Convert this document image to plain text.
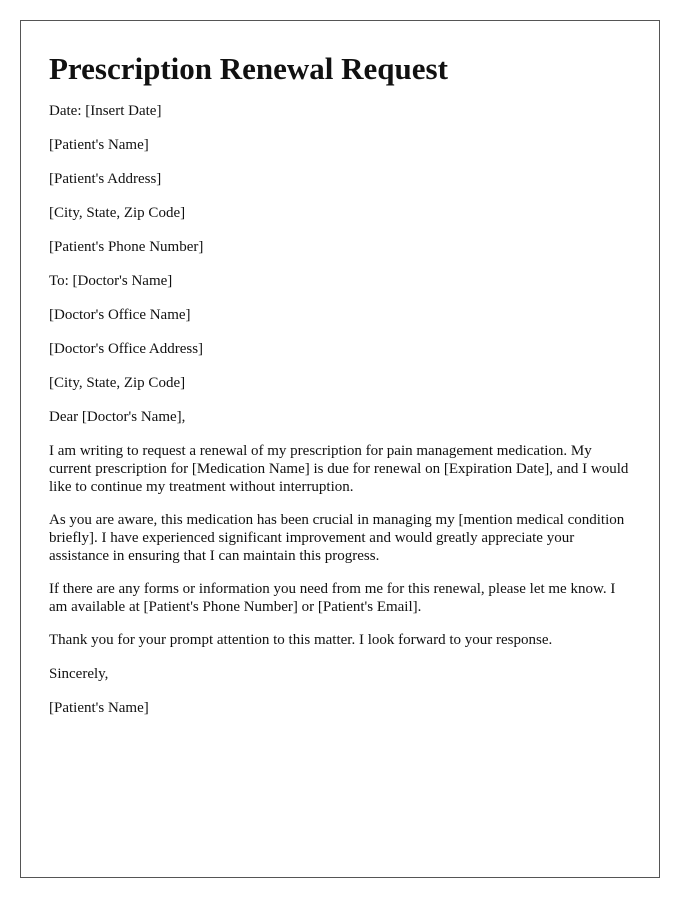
Prescription Renewal Request

Date: [Insert Date]

[Patient's Name]

[Patient's Address]

[City, State, Zip Code]

[Patient's Phone Number]

To: [Doctor's Name]

[Doctor's Office Name]

[Doctor's Office Address]

[City, State, Zip Code]

Dear [Doctor's Name],

I am writing to request a renewal of my prescription for pain management medication. My current prescription for [Medication Name] is due for renewal on [Expiration Date], and I would like to continue my treatment without interruption.

As you are aware, this medication has been crucial in managing my [mention medical condition briefly]. I have experienced significant improvement and would greatly appreciate your assistance in ensuring that I can maintain this progress.

If there are any forms or information you need from me for this renewal, please let me know. I am available at [Patient's Phone Number] or [Patient's Email].

Thank you for your prompt attention to this matter. I look forward to your response.

Sincerely,

[Patient's Name]
